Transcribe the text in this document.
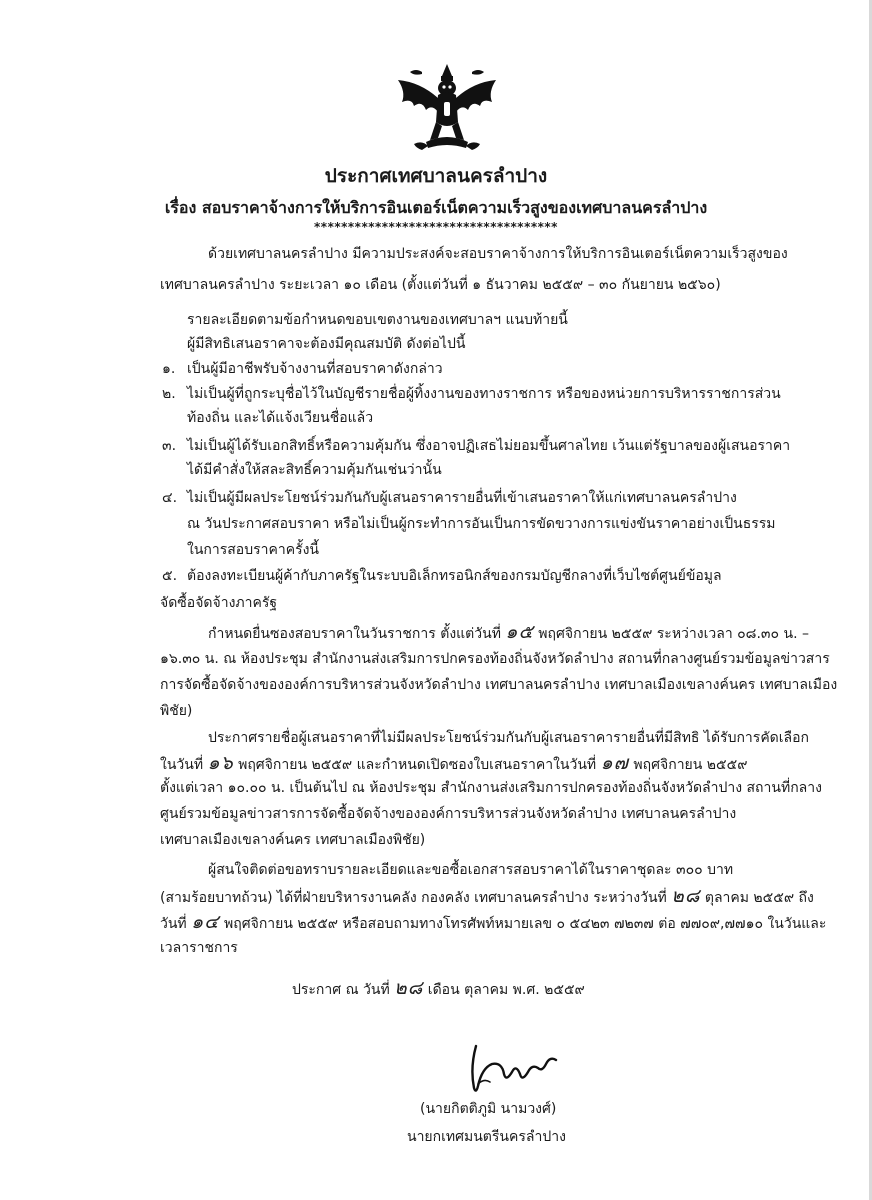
ประกาศเทศบาลนครลำปาง
เรื่อง สอบราคาจ้างการให้บริการอินเตอร์เน็ตความเร็วสูงของเทศบาลนครลำปาง
************************************
ด้วยเทศบาลนครลำปาง มีความประสงค์จะสอบราคาจ้างการให้บริการอินเตอร์เน็ตความเร็วสูงของ
เทศบาลนครลำปาง ระยะเวลา ๑๐ เดือน (ตั้งแต่วันที่ ๑ ธันวาคม ๒๕๕๙ – ๓๐ กันยายน ๒๕๖๐)
รายละเอียดตามข้อกำหนดขอบเขตงานของเทศบาลฯ แนบท้ายนี้
ผู้มีสิทธิเสนอราคาจะต้องมีคุณสมบัติ ดังต่อไปนี้
๑. เป็นผู้มีอาชีพรับจ้างงานที่สอบราคาดังกล่าว
๒. ไม่เป็นผู้ที่ถูกระบุชื่อไว้ในบัญชีรายชื่อผู้ทิ้งงานของทางราชการ หรือของหน่วยการบริหารราชการส่วน
ท้องถิ่น และได้แจ้งเวียนชื่อแล้ว
๓. ไม่เป็นผู้ได้รับเอกสิทธิ์หรือความคุ้มกัน ซึ่งอาจปฏิเสธไม่ยอมขึ้นศาลไทย เว้นแต่รัฐบาลของผู้เสนอราคา
ได้มีคำสั่งให้สละสิทธิ์ความคุ้มกันเช่นว่านั้น
๔. ไม่เป็นผู้มีผลประโยชน์ร่วมกันกับผู้เสนอราคารายอื่นที่เข้าเสนอราคาให้แก่เทศบาลนครลำปาง
ณ วันประกาศสอบราคา หรือไม่เป็นผู้กระทำการอันเป็นการขัดขวางการแข่งขันราคาอย่างเป็นธรรม
ในการสอบราคาครั้งนี้
๕. ต้องลงทะเบียนผู้ค้ากับภาครัฐในระบบอิเล็กทรอนิกส์ของกรมบัญชีกลางที่เว็บไซต์ศูนย์ข้อมูล
จัดซื้อจัดจ้างภาครัฐ
กำหนดยื่นซองสอบราคาในวันราชการ ตั้งแต่วันที่ ๑๕ พฤศจิกายน ๒๕๕๙ ระหว่างเวลา ๐๘.๓๐ น. –
๑๖.๓๐ น. ณ ห้องประชุม สำนักงานส่งเสริมการปกครองท้องถิ่นจังหวัดลำปาง สถานที่กลางศูนย์รวมข้อมูลข่าวสาร
การจัดซื้อจัดจ้างขององค์การบริหารส่วนจังหวัดลำปาง เทศบาลนครลำปาง เทศบาลเมืองเขลางค์นคร เทศบาลเมือง
พิชัย)
ประกาศรายชื่อผู้เสนอราคาที่ไม่มีผลประโยชน์ร่วมกันกับผู้เสนอราคารายอื่นที่มีสิทธิ ได้รับการคัดเลือก
ในวันที่ ๑๖ พฤศจิกายน ๒๕๕๙ และกำหนดเปิดซองใบเสนอราคาในวันที่ ๑๗ พฤศจิกายน ๒๕๕๙
ตั้งแต่เวลา ๑๐.๐๐ น. เป็นต้นไป ณ ห้องประชุม สำนักงานส่งเสริมการปกครองท้องถิ่นจังหวัดลำปาง สถานที่กลาง
ศูนย์รวมข้อมูลข่าวสารการจัดซื้อจัดจ้างขององค์การบริหารส่วนจังหวัดลำปาง เทศบาลนครลำปาง
เทศบาลเมืองเขลางค์นคร เทศบาลเมืองพิชัย)
ผู้สนใจติดต่อขอทราบรายละเอียดและขอซื้อเอกสารสอบราคาได้ในราคาชุดละ ๓๐๐ บาท
(สามร้อยบาทถ้วน) ได้ที่ฝ่ายบริหารงานคลัง กองคลัง เทศบาลนครลำปาง ระหว่างวันที่ ๒๘ ตุลาคม ๒๕๕๙ ถึง
วันที่ ๑๔ พฤศจิกายน ๒๕๕๙ หรือสอบถามทางโทรศัพท์หมายเลข ๐ ๕๔๒๓ ๗๒๓๗ ต่อ ๗๗๐๙,๗๗๑๐ ในวันและ
เวลาราชการ
ประกาศ ณ วันที่ ๒๘ เดือน ตุลาคม พ.ศ. ๒๕๕๙
(นายกิตติภูมิ นามวงศ์)
นายกเทศมนตรีนครลำปาง
